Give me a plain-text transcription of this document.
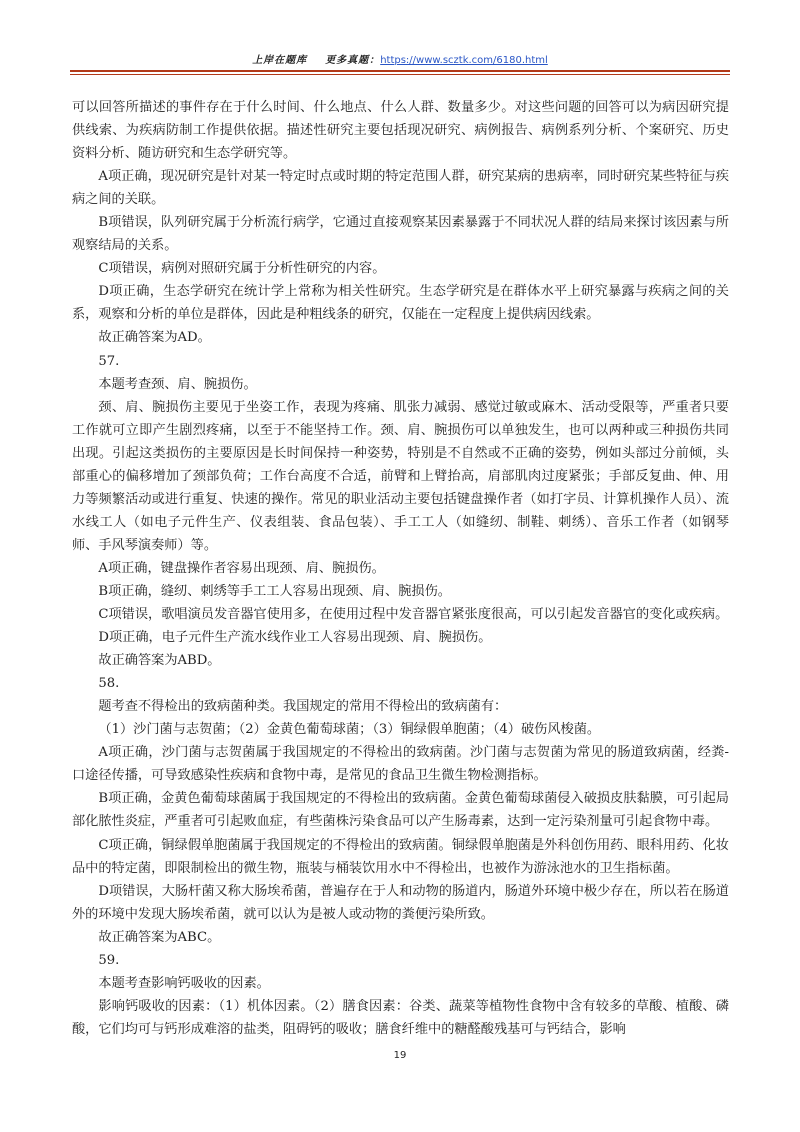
上岸在题库 更多真题：https://www.scztk.com/6180.html

可以回答所描述的事件存在于什么时间、什么地点、什么人群、数量多少。对这些问题的回答可以为病因研究提供线索、为疾病防制工作提供依据。描述性研究主要包括现况研究、病例报告、病例系列分析、个案研究、历史资料分析、随访研究和生态学研究等。

A项正确，现况研究是针对某一特定时点或时期的特定范围人群，研究某病的患病率，同时研究某些特征与疾病之间的关联。

B项错误，队列研究属于分析流行病学，它通过直接观察某因素暴露于不同状况人群的结局来探讨该因素与所观察结局的关系。

C项错误，病例对照研究属于分析性研究的内容。

D项正确，生态学研究在统计学上常称为相关性研究。生态学研究是在群体水平上研究暴露与疾病之间的关系，观察和分析的单位是群体，因此是种粗线条的研究，仅能在一定程度上提供病因线索。

故正确答案为AD。

57.

本题考查颈、肩、腕损伤。

颈、肩、腕损伤主要见于坐姿工作，表现为疼痛、肌张力减弱、感觉过敏或麻木、活动受限等，严重者只要工作就可立即产生剧烈疼痛，以至于不能坚持工作。颈、肩、腕损伤可以单独发生，也可以两种或三种损伤共同出现。引起这类损伤的主要原因是长时间保持一种姿势，特别是不自然或不正确的姿势，例如头部过分前倾，头部重心的偏移增加了颈部负荷；工作台高度不合适，前臂和上臂抬高，肩部肌肉过度紧张；手部反复曲、伸、用力等频繁活动或进行重复、快速的操作。常见的职业活动主要包括键盘操作者（如打字员、计算机操作人员）、流水线工人（如电子元件生产、仪表组装、食品包装）、手工工人（如缝纫、制鞋、刺绣）、音乐工作者（如钢琴师、手风琴演奏师）等。

A项正确，键盘操作者容易出现颈、肩、腕损伤。

B项正确，缝纫、刺绣等手工工人容易出现颈、肩、腕损伤。

C项错误，歌唱演员发音器官使用多，在使用过程中发音器官紧张度很高，可以引起发音器官的变化或疾病。

D项正确，电子元件生产流水线作业工人容易出现颈、肩、腕损伤。

故正确答案为ABD。

58.

题考查不得检出的致病菌种类。我国规定的常用不得检出的致病菌有：

（1）沙门菌与志贺菌；（2）金黄色葡萄球菌；（3）铜绿假单胞菌；（4）破伤风梭菌。

A项正确，沙门菌与志贺菌属于我国规定的不得检出的致病菌。沙门菌与志贺菌为常见的肠道致病菌，经粪-口途径传播，可导致感染性疾病和食物中毒，是常见的食品卫生微生物检测指标。

B项正确，金黄色葡萄球菌属于我国规定的不得检出的致病菌。金黄色葡萄球菌侵入破损皮肤黏膜，可引起局部化脓性炎症，严重者可引起败血症，有些菌株污染食品可以产生肠毒素，达到一定污染剂量可引起食物中毒。

C项正确，铜绿假单胞菌属于我国规定的不得检出的致病菌。铜绿假单胞菌是外科创伤用药、眼科用药、化妆品中的特定菌，即限制检出的微生物，瓶装与桶装饮用水中不得检出，也被作为游泳池水的卫生指标菌。

D项错误，大肠杆菌又称大肠埃希菌，普遍存在于人和动物的肠道内，肠道外环境中极少存在，所以若在肠道外的环境中发现大肠埃希菌，就可以认为是被人或动物的粪便污染所致。

故正确答案为ABC。

59.

本题考查影响钙吸收的因素。

影响钙吸收的因素：（1）机体因素。（2）膳食因素：谷类、蔬菜等植物性食物中含有较多的草酸、植酸、磷酸，它们均可与钙形成难溶的盐类，阻碍钙的吸收；膳食纤维中的糖醛酸残基可与钙结合，影响

19
